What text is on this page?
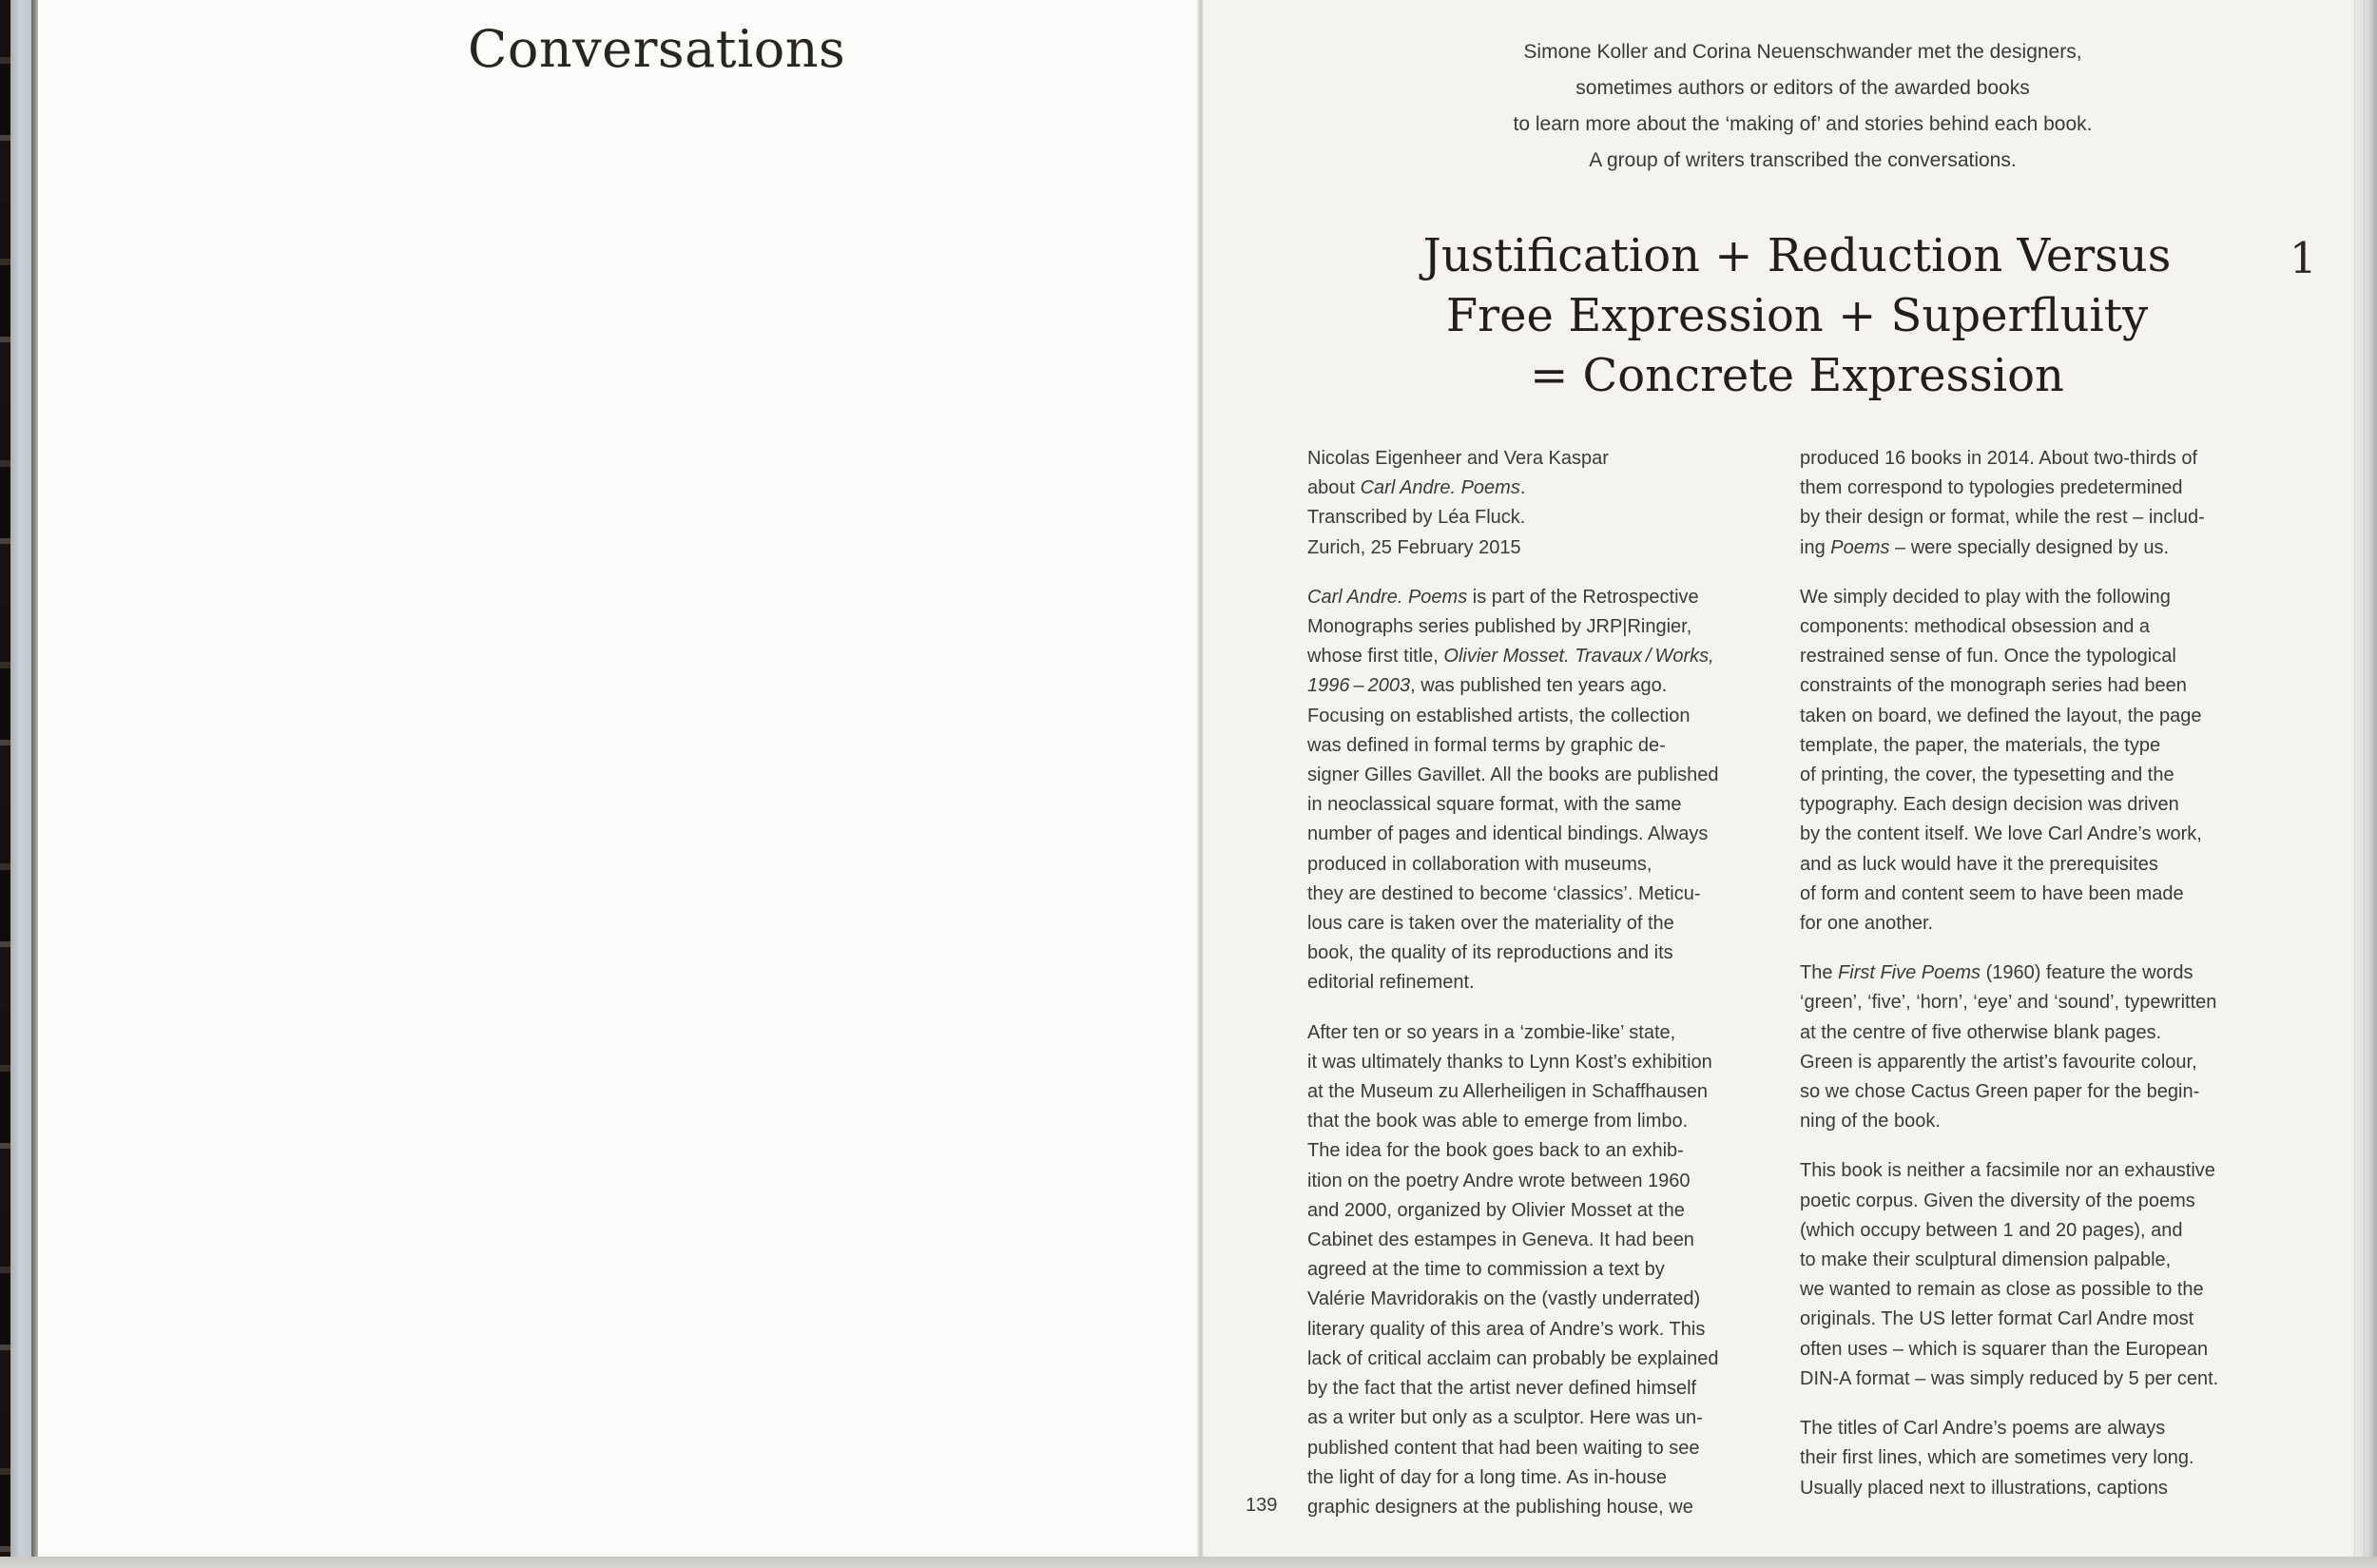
Conversations	Simone Koller and Corina Neuenschwander met the designers,
sometimes authors or editors of the awarded books
to learn more about the ‘making of’ and stories behind each book.
A group of writers transcribed the conversations.

Justification + Reduction Versus
Free Expression + Superfluity
= Concrete Expression

1
139

Nicolas Eigenheer and Vera Kaspar
about Carl Andre. Poems.
Transcribed by Léa Fluck.
Zurich, 25 February 2015

Carl Andre. Poems is part of the Retrospective
Monographs series published by JRP|Ringier,
whose first title, Olivier Mosset. Travaux / Works,
1996 – 2003, was published ten years ago.
Focusing on established artists, the collection
was defined in formal terms by graphic de-
signer Gilles Gavillet. All the books are published
in neoclassical square format, with the same
number of pages and identical bindings. Always
produced in collaboration with museums,
they are destined to become ‘classics’. Meticu-
lous care is taken over the materiality of the
book, the quality of its reproductions and its
editorial refinement.

After ten or so years in a ‘zombie-like’ state,
it was ultimately thanks to Lynn Kost’s exhibition
at the Museum zu Allerheiligen in Schaffhausen
that the book was able to emerge from limbo.
The idea for the book goes back to an exhib-
ition on the poetry Andre wrote between 1960
and 2000, organized by Olivier Mosset at the
Cabinet des estampes in Geneva. It had been
agreed at the time to commission a text by
Valérie Mavridorakis on the (vastly underrated)
literary quality of this area of Andre’s work. This
lack of critical acclaim can probably be explained
by the fact that the artist never defined himself
as a writer but only as a sculptor. Here was un-
published content that had been waiting to see
the light of day for a long time. As in-house
graphic designers at the publishing house, we

produced 16 books in 2014. About two-thirds of
them correspond to typologies predetermined
by their design or format, while the rest – includ-
ing Poems – were specially designed by us.

We simply decided to play with the following
components: methodical obsession and a
restrained sense of fun. Once the typological
constraints of the monograph series had been
taken on board, we defined the layout, the page
template, the paper, the materials, the type
of printing, the cover, the typesetting and the
typography. Each design decision was driven
by the content itself. We love Carl Andre’s work,
and as luck would have it the prerequisites
of form and content seem to have been made
for one another.

The First Five Poems (1960) feature the words
‘green’, ‘five’, ‘horn’, ‘eye’ and ‘sound’, typewritten
at the centre of five otherwise blank pages.
Green is apparently the artist’s favourite colour,
so we chose Cactus Green paper for the begin-
ning of the book.

This book is neither a facsimile nor an exhaustive
poetic corpus. Given the diversity of the poems
(which occupy between 1 and 20 pages), and
to make their sculptural dimension palpable,
we wanted to remain as close as possible to the
originals. The US letter format Carl Andre most
often uses – which is squarer than the European
DIN-A format – was simply reduced by 5 per cent.

The titles of Carl Andre’s poems are always
their first lines, which are sometimes very long.
Usually placed next to illustrations, captions
